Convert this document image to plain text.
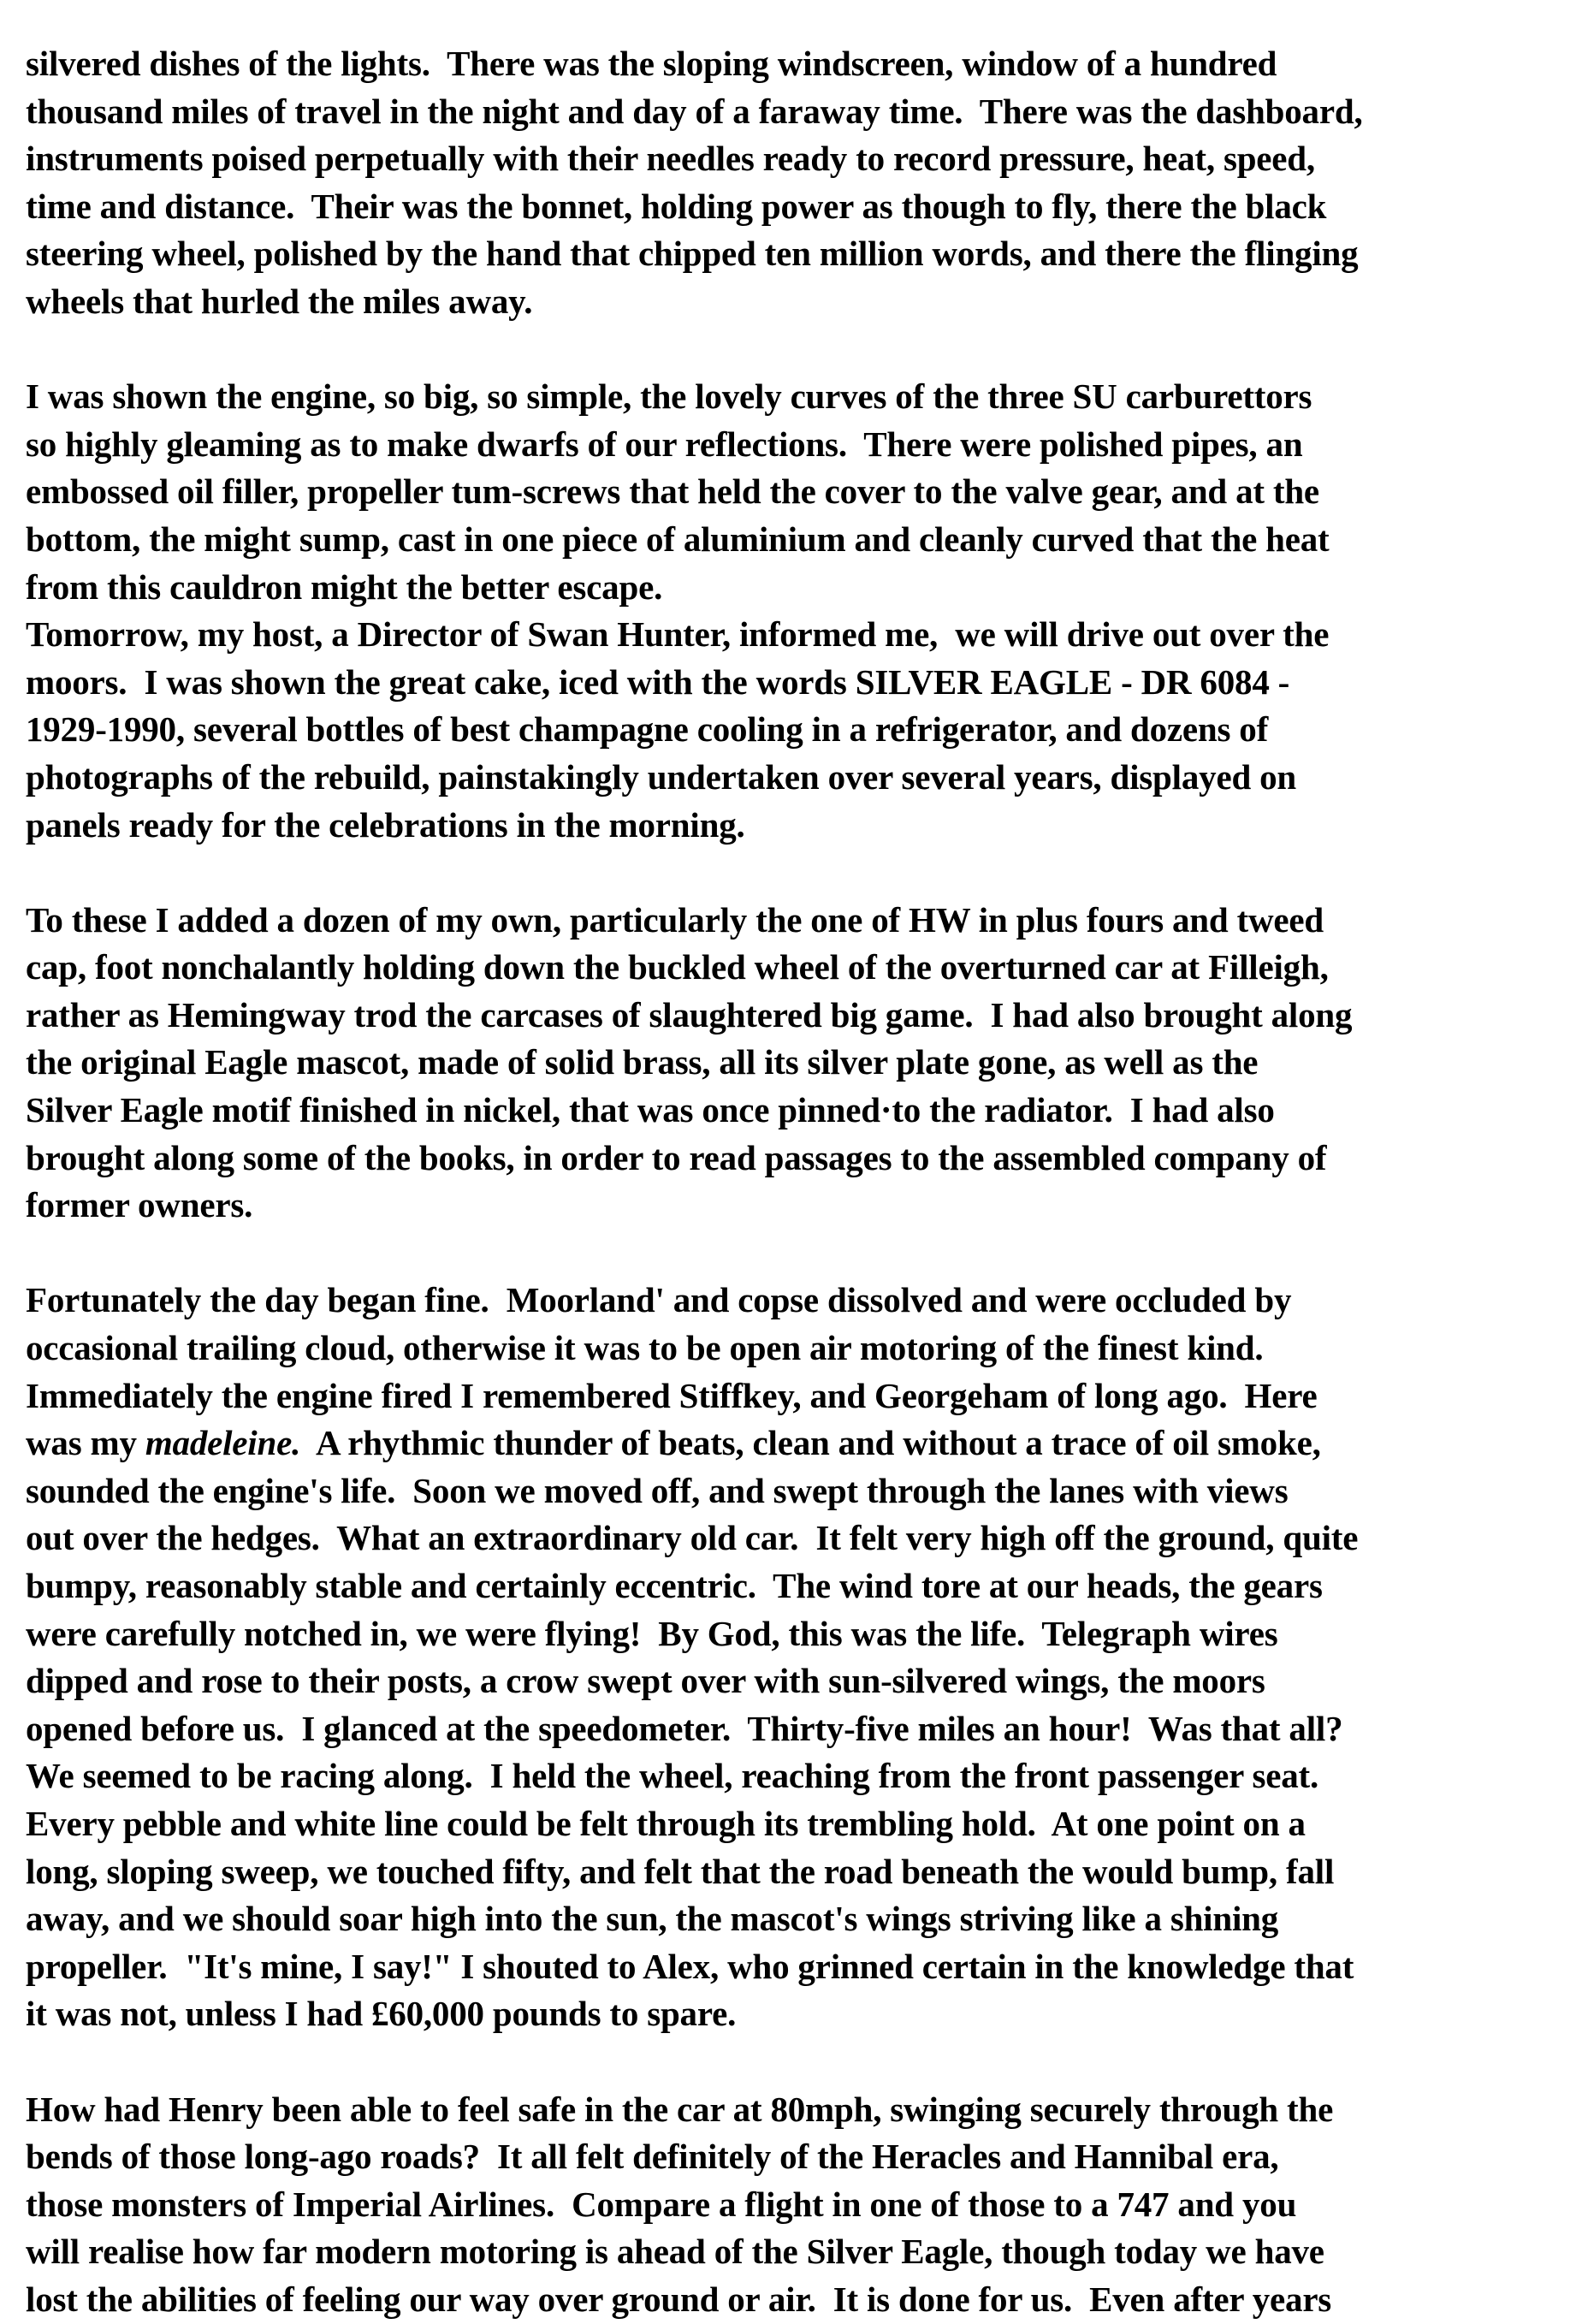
silvered dishes of the lights.  There was the sloping windscreen, window of a hundred
thousand miles of travel in the night and day of a faraway time.  There was the dashboard,
instruments poised perpetually with their needles ready to record pressure, heat, speed,
time and distance.  Their was the bonnet, holding power as though to fly, there the black
steering wheel, polished by the hand that chipped ten million words, and there the flinging
wheels that hurled the miles away.
I was shown the engine, so big, so simple, the lovely curves of the three SU carburettors
so highly gleaming as to make dwarfs of our reflections.  There were polished pipes, an
embossed oil filler, propeller tum-screws that held the cover to the valve gear, and at the
bottom, the might sump, cast in one piece of aluminium and cleanly curved that the heat
from this cauldron might the better escape.
Tomorrow, my host, a Director of Swan Hunter, informed me,  we will drive out over the
moors.  I was shown the great cake, iced with the words SILVER EAGLE - DR 6084 -
1929-1990, several bottles of best champagne cooling in a refrigerator, and dozens of
photographs of the rebuild, painstakingly undertaken over several years, displayed on
panels ready for the celebrations in the morning.
To these I added a dozen of my own, particularly the one of HW in plus fours and tweed
cap, foot nonchalantly holding down the buckled wheel of the overturned car at Filleigh,
rather as Hemingway trod the carcases of slaughtered big game.  I had also brought along
the original Eagle mascot, made of solid brass, all its silver plate gone, as well as the
Silver Eagle motif finished in nickel, that was once pinned·to the radiator.  I had also
brought along some of the books, in order to read passages to the assembled company of
former owners.
Fortunately the day began fine.  Moorland' and copse dissolved and were occluded by
occasional trailing cloud, otherwise it was to be open air motoring of the finest kind.
Immediately the engine fired I remembered Stiffkey, and Georgeham of long ago.  Here
was my madeleine.  A rhythmic thunder of beats, clean and without a trace of oil smoke,
sounded the engine's life.  Soon we moved off, and swept through the lanes with views
out over the hedges.  What an extraordinary old car.  It felt very high off the ground, quite
bumpy, reasonably stable and certainly eccentric.  The wind tore at our heads, the gears
were carefully notched in, we were flying!  By God, this was the life.  Telegraph wires
dipped and rose to their posts, a crow swept over with sun-silvered wings, the moors
opened before us.  I glanced at the speedometer.  Thirty-five miles an hour!  Was that all?
We seemed to be racing along.  I held the wheel, reaching from the front passenger seat.
Every pebble and white line could be felt through its trembling hold.  At one point on a
long, sloping sweep, we touched fifty, and felt that the road beneath the would bump, fall
away, and we should soar high into the sun, the mascot's wings striving like a shining
propeller.  "It's mine, I say!" I shouted to Alex, who grinned certain in the knowledge that
it was not, unless I had £60,000 pounds to spare.
How had Henry been able to feel safe in the car at 80mph, swinging securely through the
bends of those long-ago roads?  It all felt definitely of the Heracles and Hannibal era,
those monsters of Imperial Airlines.  Compare a flight in one of those to a 747 and you
will realise how far modern motoring is ahead of the Silver Eagle, though today we have
lost the abilities of feeling our way over ground or air.  It is done for us.  Even after years
